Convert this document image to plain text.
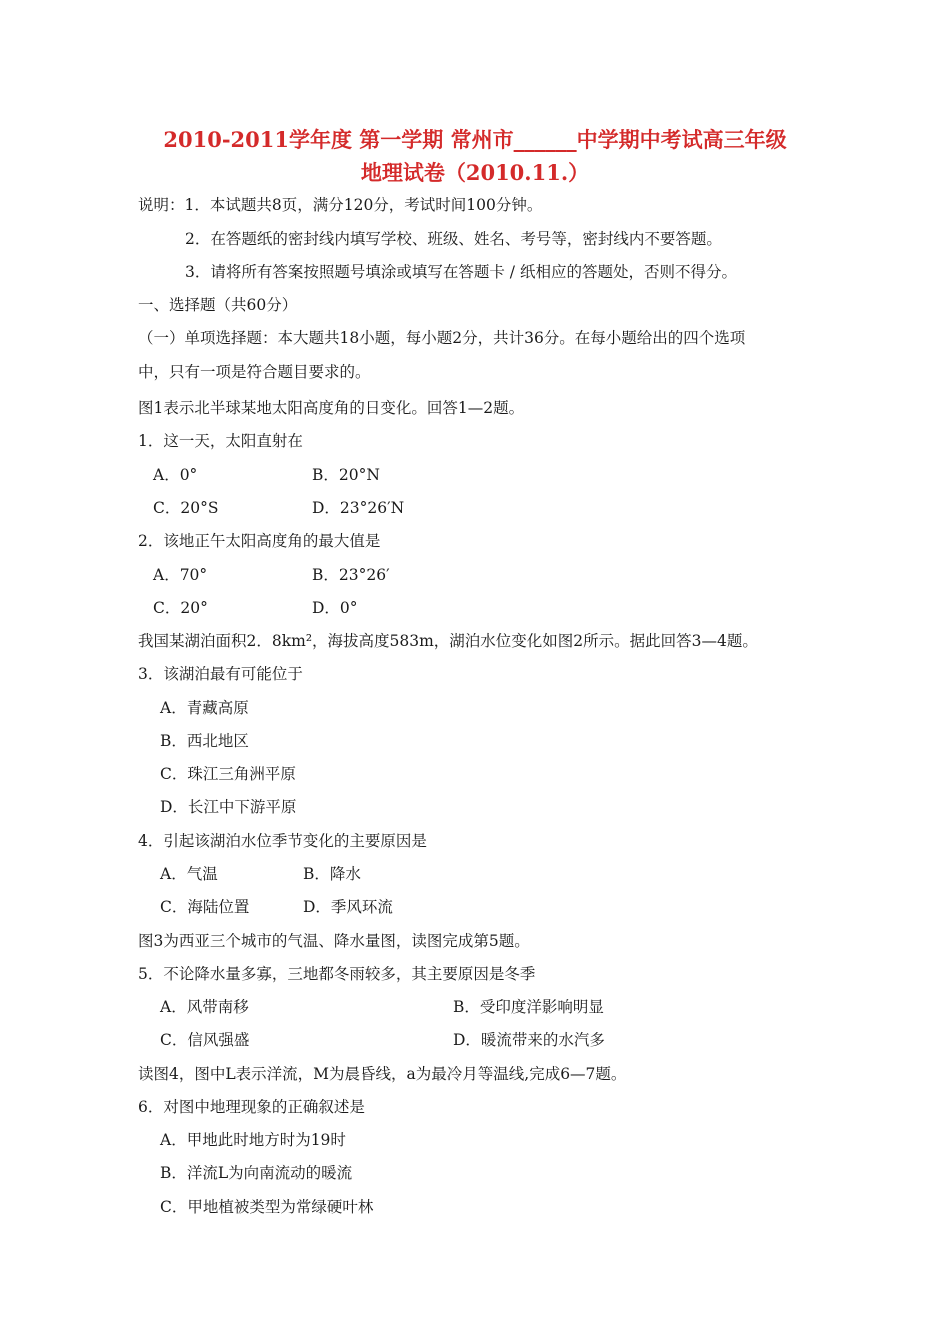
2010-2011学年度 第一学期 常州市______中学期中考试高三年级
地理试卷（2010.11.）
说明：1．本试题共8页，满分120分，考试时间100分钟。
2．在答题纸的密封线内填写学校、班级、姓名、考号等，密封线内不要答题。
3．请将所有答案按照题号填涂或填写在答题卡 / 纸相应的答题处，否则不得分。
一、选择题（共60分）
（一）单项选择题：本大题共18小题，每小题2分，共计36分。在每小题给出的四个选项
中，只有一项是符合题目要求的。
图1表示北半球某地太阳高度角的日变化。回答1—2题。
1．这一天，太阳直射在
A．0°	B．20°N
C．20°S	D．23°26′N
2．该地正午太阳高度角的最大值是
A．70°	B．23°26′
C．20°	D．0°
我国某湖泊面积2．8km²，海拔高度583m，湖泊水位变化如图2所示。据此回答3—4题。
3．该湖泊最有可能位于
A．青藏高原
B．西北地区
C．珠江三角洲平原
D．长江中下游平原
4．引起该湖泊水位季节变化的主要原因是
A．气温	B．降水
C．海陆位置	D．季风环流
图3为西亚三个城市的气温、降水量图，读图完成第5题。
5．不论降水量多寡，三地都冬雨较多，其主要原因是冬季
A．风带南移	B．受印度洋影响明显
C．信风强盛	D．暖流带来的水汽多
读图4，图中L表示洋流，M为晨昏线，a为最冷月等温线,完成6—7题。
6．对图中地理现象的正确叙述是
A．甲地此时地方时为19时
B．洋流L为向南流动的暖流
C．甲地植被类型为常绿硬叶林
